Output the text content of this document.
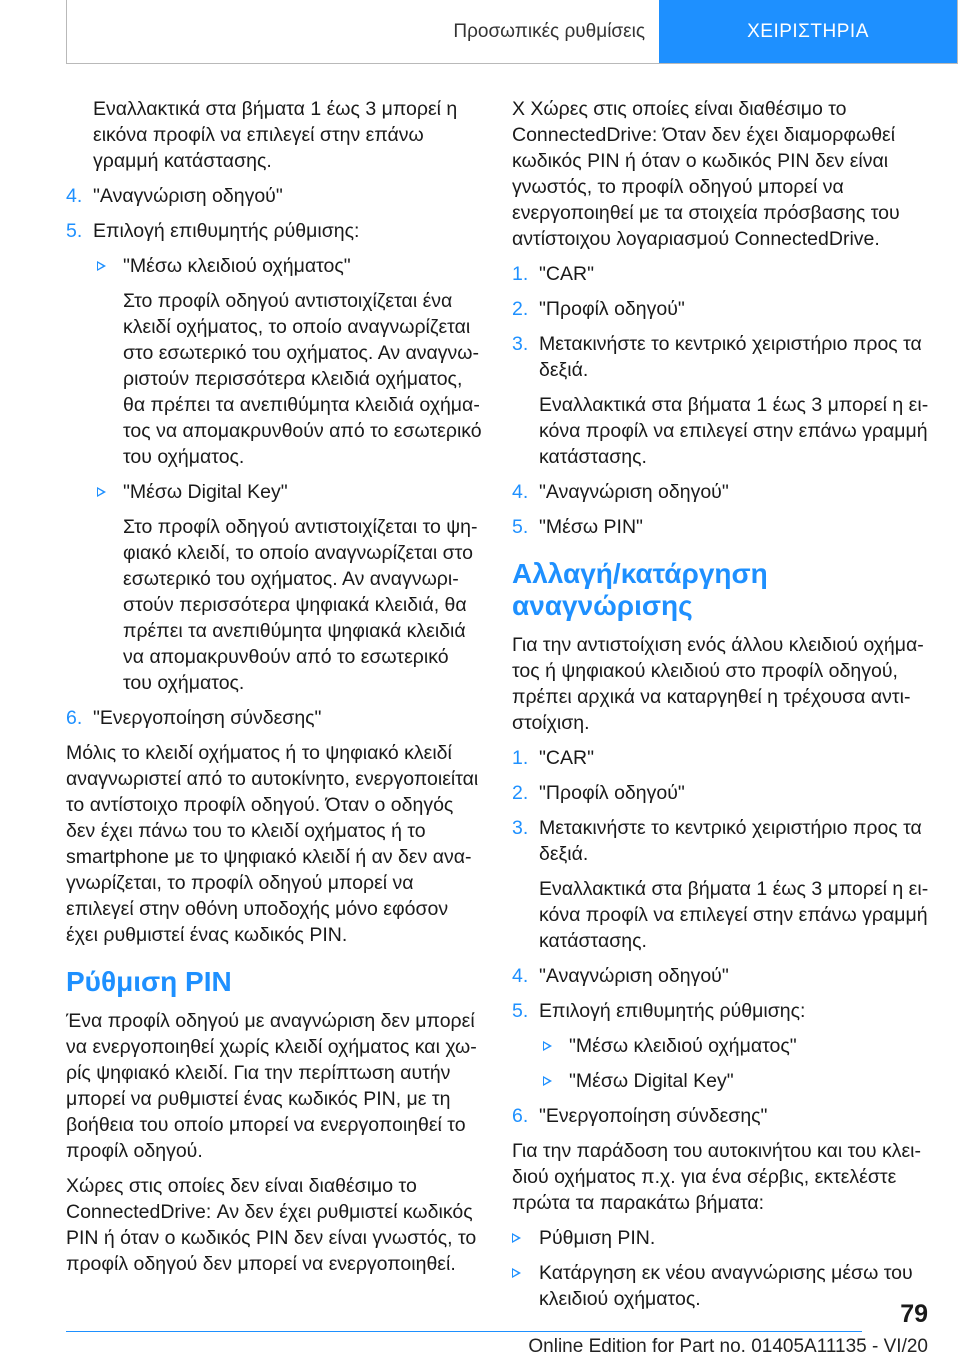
Προσωπικές ρυθμίσεις	ΧΕΙΡΙΣΤΗΡΙΑ

Εναλλακτικά στα βήματα 1 έως 3 μπορεί η εικόνα προφίλ να επιλεγεί στην επάνω γραμμή κατάστασης.

4. "Αναγνώριση οδηγού"
5. Επιλογή επιθυμητής ρύθμισης:
"Μέσω κλειδιού οχήματος"

Στο προφίλ οδηγού αντιστοιχίζεται ένα κλειδί οχήματος, το οποίο αναγνωρίζεται στο εσωτερικό του οχήματος. Αν αναγνωριστούν περισσότερα κλειδιά οχήματος, θα πρέπει τα ανεπιθύμητα κλειδιά οχήματος να απομακρυνθούν από το εσωτερικό του οχήματος.

"Μέσω Digital Key"

Στο προφίλ οδηγού αντιστοιχίζεται το ψηφιακό κλειδί, το οποίο αναγνωρίζεται στο εσωτερικό του οχήματος. Αν αναγνωριστούν περισσότερα ψηφιακά κλειδιά, θα πρέπει τα ανεπιθύμητα ψηφιακά κλειδιά να απομακρυνθούν από το εσωτερικό του οχήματος.

6. "Ενεργοποίηση σύνδεσης"

Μόλις το κλειδί οχήματος ή το ψηφιακό κλειδί αναγνωριστεί από το αυτοκίνητο, ενεργοποιείται το αντίστοιχο προφίλ οδηγού. Όταν ο οδηγός δεν έχει πάνω του το κλειδί οχήματος ή το smartphone με το ψηφιακό κλειδί ή αν δεν αναγνωρίζεται, το προφίλ οδηγού μπορεί να επιλεγεί στην οθόνη υποδοχής μόνο εφόσον έχει ρυθμιστεί ένας κωδικός PIN.

Ρύθμιση PIN

Ένα προφίλ οδηγού με αναγνώριση δεν μπορεί να ενεργοποιηθεί χωρίς κλειδί οχήματος και χωρίς ψηφιακό κλειδί. Για την περίπτωση αυτήν μπορεί να ρυθμιστεί ένας κωδικός PIN, με τη βοήθεια του οποίο μπορεί να ενεργοποιηθεί το προφίλ οδηγού.

Χώρες στις οποίες δεν είναι διαθέσιμο το ConnectedDrive: Αν δεν έχει ρυθμιστεί κωδικός PIN ή όταν ο κωδικός PIN δεν είναι γνωστός, το προφίλ οδηγού δεν μπορεί να ενεργοποιηθεί.

Χ Χώρες στις οποίες είναι διαθέσιμο το ConnectedDrive: Όταν δεν έχει διαμορφωθεί κωδικός PIN ή όταν ο κωδικός PIN δεν είναι γνωστός, το προφίλ οδηγού μπορεί να ενεργοποιηθεί με τα στοιχεία πρόσβασης του αντίστοιχου λογαριασμού ConnectedDrive.

1. "CAR"
2. "Προφίλ οδηγού"
3. Μετακινήστε το κεντρικό χειριστήριο προς τα δεξιά.

Εναλλακτικά στα βήματα 1 έως 3 μπορεί η εικόνα προφίλ να επιλεγεί στην επάνω γραμμή κατάστασης.

4. "Αναγνώριση οδηγού"
5. "Μέσω PIN"
Αλλαγή/κατάργηση αναγνώρισης

Για την αντιστοίχιση ενός άλλου κλειδιού οχήματος ή ψηφιακού κλειδιού στο προφίλ οδηγού, πρέπει αρχικά να καταργηθεί η τρέχουσα αντιστοίχιση.

1. "CAR"
2. "Προφίλ οδηγού"
3. Μετακινήστε το κεντρικό χειριστήριο προς τα δεξιά.

Εναλλακτικά στα βήματα 1 έως 3 μπορεί η εικόνα προφίλ να επιλεγεί στην επάνω γραμμή κατάστασης.

4. "Αναγνώριση οδηγού"
5. Επιλογή επιθυμητής ρύθμισης:
"Μέσω κλειδιού οχήματος"
"Μέσω Digital Key"
6. "Ενεργοποίηση σύνδεσης"

Για την παράδοση του αυτοκινήτου και του κλειδιού οχήματος π.χ. για ένα σέρβις, εκτελέστε πρώτα τα παρακάτω βήματα:

Ρύθμιση PIN.
Κατάργηση εκ νέου αναγνώρισης μέσω του κλειδιού οχήματος.
79
Online Edition for Part no. 01405A11135 - VI/20
